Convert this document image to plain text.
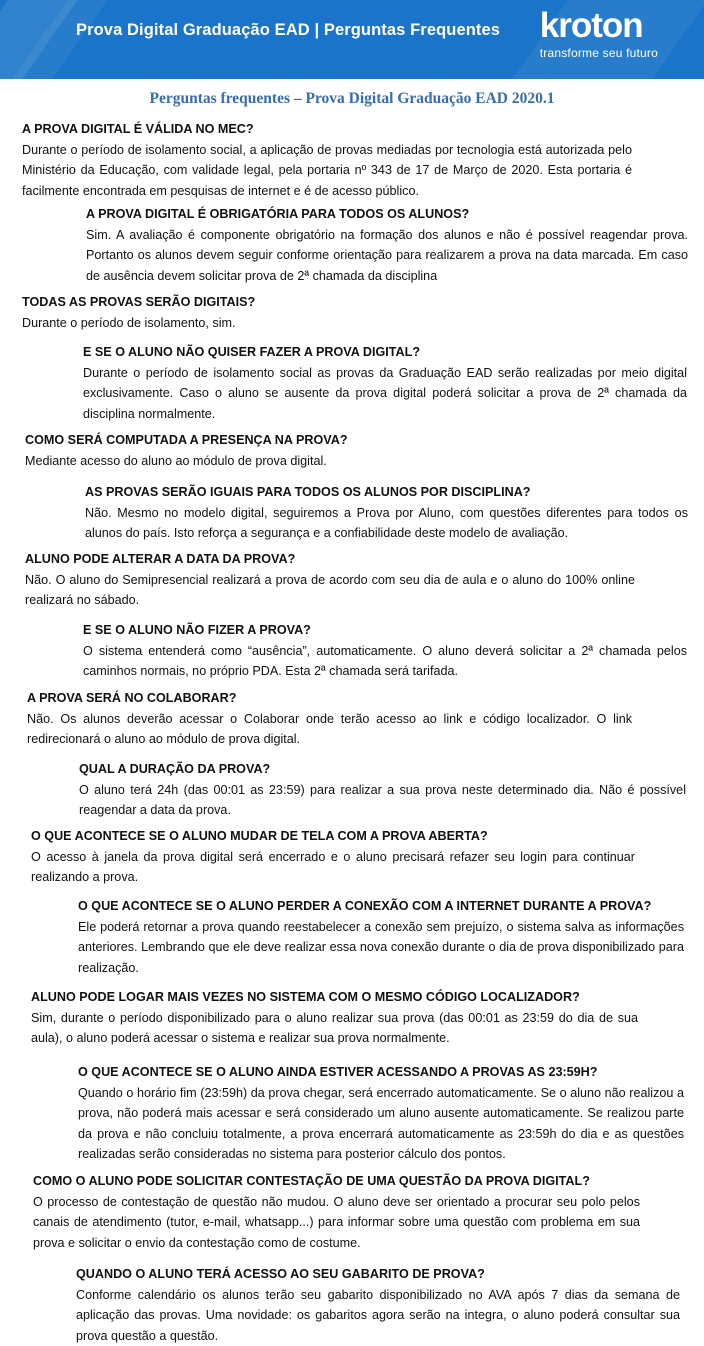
Prova Digital Graduação EAD | Perguntas Frequentes kroton
transforme seu futuro
Perguntas frequentes – Prova Digital Graduação EAD 2020.1
A PROVA DIGITAL É VÁLIDA NO MEC?
Durante o período de isolamento social, a aplicação de provas mediadas por tecnologia está autorizada pelo Ministério da Educação, com validade legal, pela portaria nº 343 de 17 de Março de 2020. Esta portaria é facilmente encontrada em pesquisas de internet e é de acesso público.
A PROVA DIGITAL É OBRIGATÓRIA PARA TODOS OS ALUNOS?
Sim. A avaliação é componente obrigatório na formação dos alunos e não é possível reagendar prova. Portanto os alunos devem seguir conforme orientação para realizarem a prova na data marcada. Em caso de ausência devem solicitar prova de 2ª chamada da disciplina
TODAS AS PROVAS SERÃO DIGITAIS?
Durante o período de isolamento, sim.
E SE O ALUNO NÃO QUISER FAZER A PROVA DIGITAL?
Durante o período de isolamento social as provas da Graduação EAD serão realizadas por meio digital exclusivamente. Caso o aluno se ausente da prova digital poderá solicitar a prova de 2ª chamada da disciplina normalmente.
COMO SERÁ COMPUTADA A PRESENÇA NA PROVA?
Mediante acesso do aluno ao módulo de prova digital.
AS PROVAS SERÃO IGUAIS PARA TODOS OS ALUNOS POR DISCIPLINA?
Não. Mesmo no modelo digital, seguiremos a Prova por Aluno, com questões diferentes para todos os alunos do país. Isto reforça a segurança e a confiabilidade deste modelo de avaliação.
ALUNO PODE ALTERAR A DATA DA PROVA?
Não. O aluno do Semipresencial realizará a prova de acordo com seu dia de aula e o aluno do 100% online realizará no sábado.
E SE O ALUNO NÃO FIZER A PROVA?
O sistema entenderá como “ausência”, automaticamente. O aluno deverá solicitar a 2ª chamada pelos caminhos normais, no próprio PDA. Esta 2ª chamada será tarifada.
A PROVA SERÁ NO COLABORAR?
Não. Os alunos deverão acessar o Colaborar onde terão acesso ao link e código localizador. O link redirecionará o aluno ao módulo de prova digital.
QUAL A DURAÇÃO DA PROVA?
O aluno terá 24h (das 00:01 as 23:59) para realizar a sua prova neste determinado dia. Não é possível reagendar a data da prova.
O QUE ACONTECE SE O ALUNO MUDAR DE TELA COM A PROVA ABERTA?
O acesso à janela da prova digital será encerrado e o aluno precisará refazer seu login para continuar realizando a prova.
O QUE ACONTECE SE O ALUNO PERDER A CONEXÃO COM A INTERNET DURANTE A PROVA?
Ele poderá retornar a prova quando reestabelecer a conexão sem prejuízo, o sistema salva as informações anteriores. Lembrando que ele deve realizar essa nova conexão durante o dia de prova disponibilizado para realização.
ALUNO PODE LOGAR MAIS VEZES NO SISTEMA COM O MESMO CÓDIGO LOCALIZADOR?
Sim, durante o período disponibilizado para o aluno realizar sua prova (das 00:01 as 23:59 do dia de sua aula), o aluno poderá acessar o sistema e realizar sua prova normalmente.
O QUE ACONTECE SE O ALUNO AINDA ESTIVER ACESSANDO A PROVAS AS 23:59H?
Quando o horário fim (23:59h) da prova chegar, será encerrado automaticamente. Se o aluno não realizou a prova, não poderá mais acessar e será considerado um aluno ausente automaticamente. Se realizou parte da prova e não concluiu totalmente, a prova encerrará automaticamente as 23:59h do dia e as questões realizadas serão consideradas no sistema para posterior cálculo dos pontos.
COMO O ALUNO PODE SOLICITAR CONTESTAÇÃO DE UMA QUESTÃO DA PROVA DIGITAL?
O processo de contestação de questão não mudou. O aluno deve ser orientado a procurar seu polo pelos canais de atendimento (tutor, e-mail, whatsapp...) para informar sobre uma questão com problema em sua prova e solicitar o envio da contestação como de costume.
QUANDO O ALUNO TERÁ ACESSO AO SEU GABARITO DE PROVA?
Conforme calendário os alunos terão seu gabarito disponibilizado no AVA após 7 dias da semana de aplicação das provas. Uma novidade: os gabaritos agora serão na integra, o aluno poderá consultar sua prova questão a questão.
